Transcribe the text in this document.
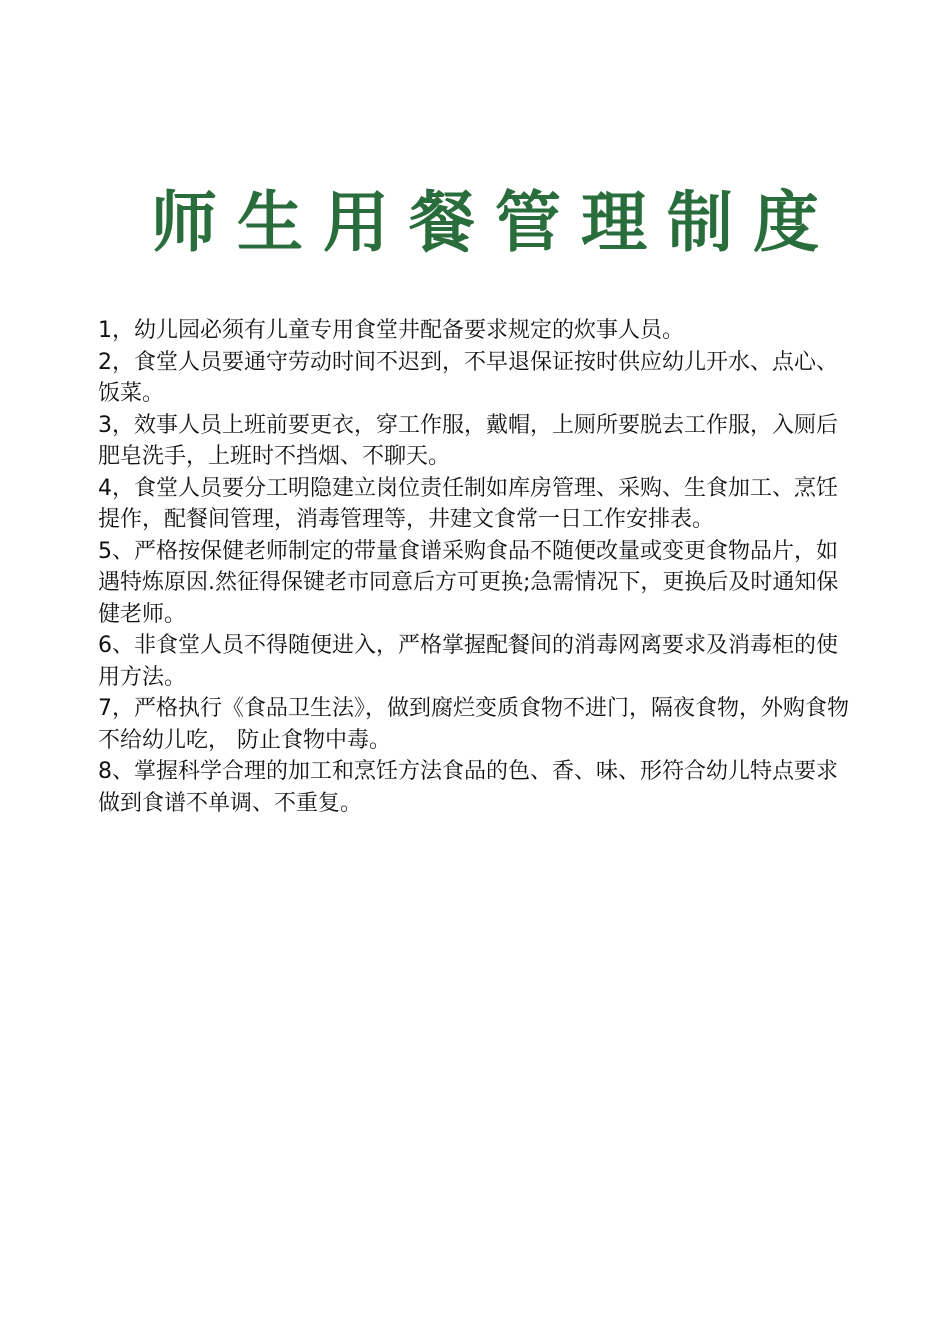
师生用餐管理制度

1，幼儿园必须有儿童专用食堂井配备要求规定的炊事人员。

2，食堂人员要通守劳动时间不迟到，不早退保证按时供应幼儿开水、点心、饭菜。

3，效事人员上班前要更衣，穿工作服，戴帽，上厕所要脱去工作服，入厕后肥皂洗手，上班时不挡烟、不聊天。

4，食堂人员要分工明隐建立岗位责任制如库房管理、采购、生食加工、烹饪提作，配餐间管理，消毒管理等，井建文食常一日工作安排表。

5、严格按保健老师制定的带量食谱采购食品不随便改量或变更食物品片，如遇特炼原因.然征得保键老市同意后方可更换;急需情况下，更换后及时通知保健老师。

6、非食堂人员不得随便进入，严格掌握配餐间的消毒网离要求及消毒柜的使用方法。

7，严格执行《食品卫生法》，做到腐烂变质食物不进门，隔夜食物，外购食物不给幼儿吃， 防止食物中毒。

8、掌握科学合理的加工和烹饪方法食品的色、香、味、形符合幼儿特点要求做到食谱不单调、不重复。
